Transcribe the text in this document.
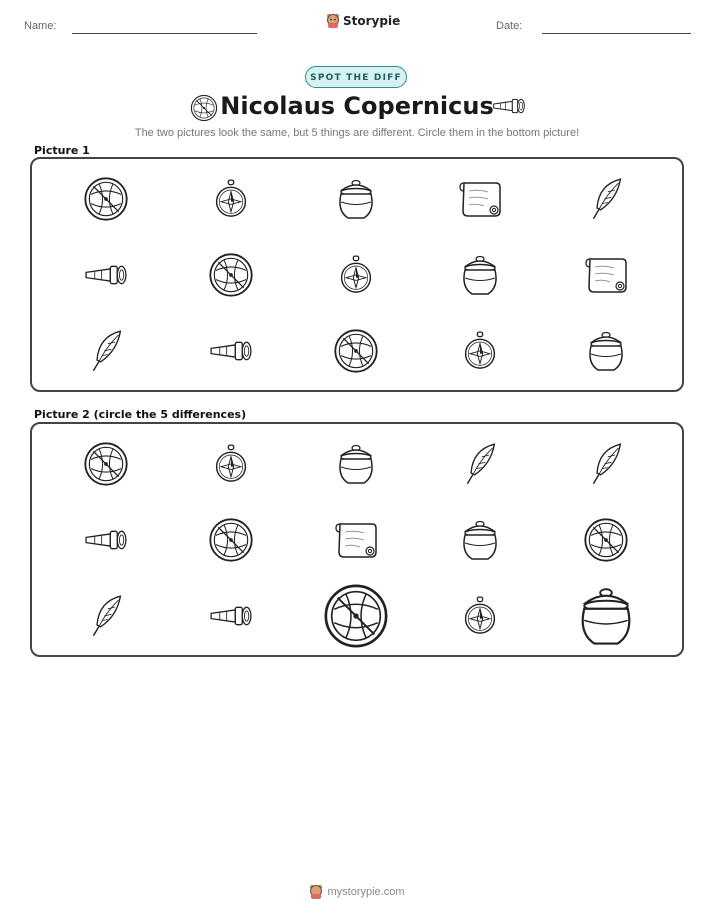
Name:	Storypie	Date:
SPOT THE DIFF
Nicolaus Copernicus
The two pictures look the same, but 5 things are different. Circle them in the bottom picture!
Picture 1
Picture 2 (circle the 5 differences)
mystorypie.com
